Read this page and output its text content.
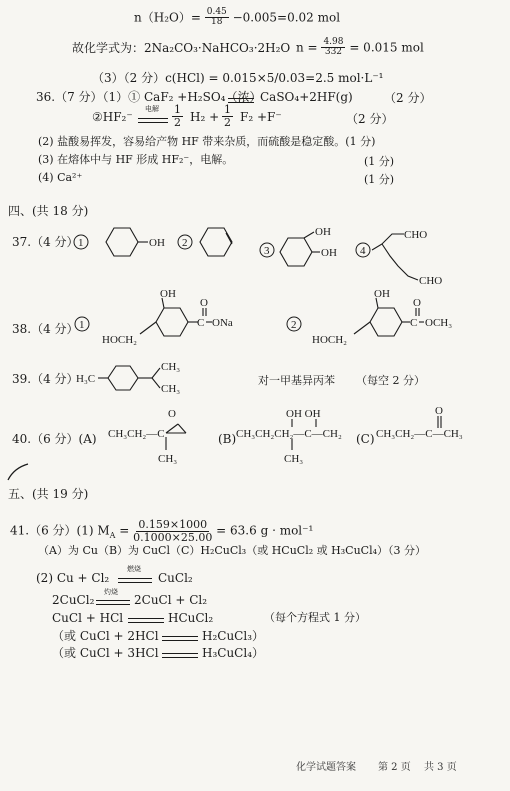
$n(H_2O)= \frac{0.45}{18} -0.005=0.02$ mol
故化学式为：2Na₂CO₃·NaHCO₃·2H₂O $n = \frac{4.98}{332} = 0.015$ mol
（3）（2 分）c(HCl) = 0.015×5/0.03=2.5 mol·L⁻¹
36.（7 分）（1）① CaF₂ +H₂SO₄（浓）
CaSO₄+2HF(g)	（2 分）
②HF₂⁻
电解 $\frac{1}{2} H_2 + \frac{1}{2} F_2 +F^-$	（2 分）
(2) 盐酸易挥发，容易给产物 HF 带来杂质，而硫酸是稳定酸。(1 分)
(3) 在熔体中与 HF 形成 HF₂⁻，电解。	(1 分)
(4) Ca²⁺	(1 分)
四、(共 18 分)
37.（4 分） 1	OH 2
3
OH
OH 4
CHO
CHO
38.（4 分） 1
OH
C
O
ONa
HOCH₂
2
OH
C
O
OCH₃
HOCH₂
39.（4 分）
H₃C
CH₃
CH₃
对一甲基异丙苯 （每空 2 分）
40.（6 分）(A) CH₃CH₂—C
O
CH₃
(B) CH₃CH₂CH₂—C—CH₂
OH OH
CH₃
(C) CH₃CH₂—C—CH₃
O
五、(共 19 分)
41.（6 分）(1) $M_A = \frac{0.159\times 1000}{0.1000\times 25.00} = 63.6$ g · mol⁻¹
（A）为 Cu（B）为 CuCl（C）H₂CuCl₃（或 HCuCl₂ 或 H₃CuCl₄）（3 分）
(2) Cu + Cl₂
燃烧
CuCl₂
2CuCl₂
灼烧
2CuCl + Cl₂
CuCl + HCl	HCuCl₂	（每个方程式 1 分）
（或 CuCl + 2HCl	H₂CuCl₃）
（或 CuCl + 3HCl	H₃CuCl₄）
化学试题答案 第 2 页 共 3 页
